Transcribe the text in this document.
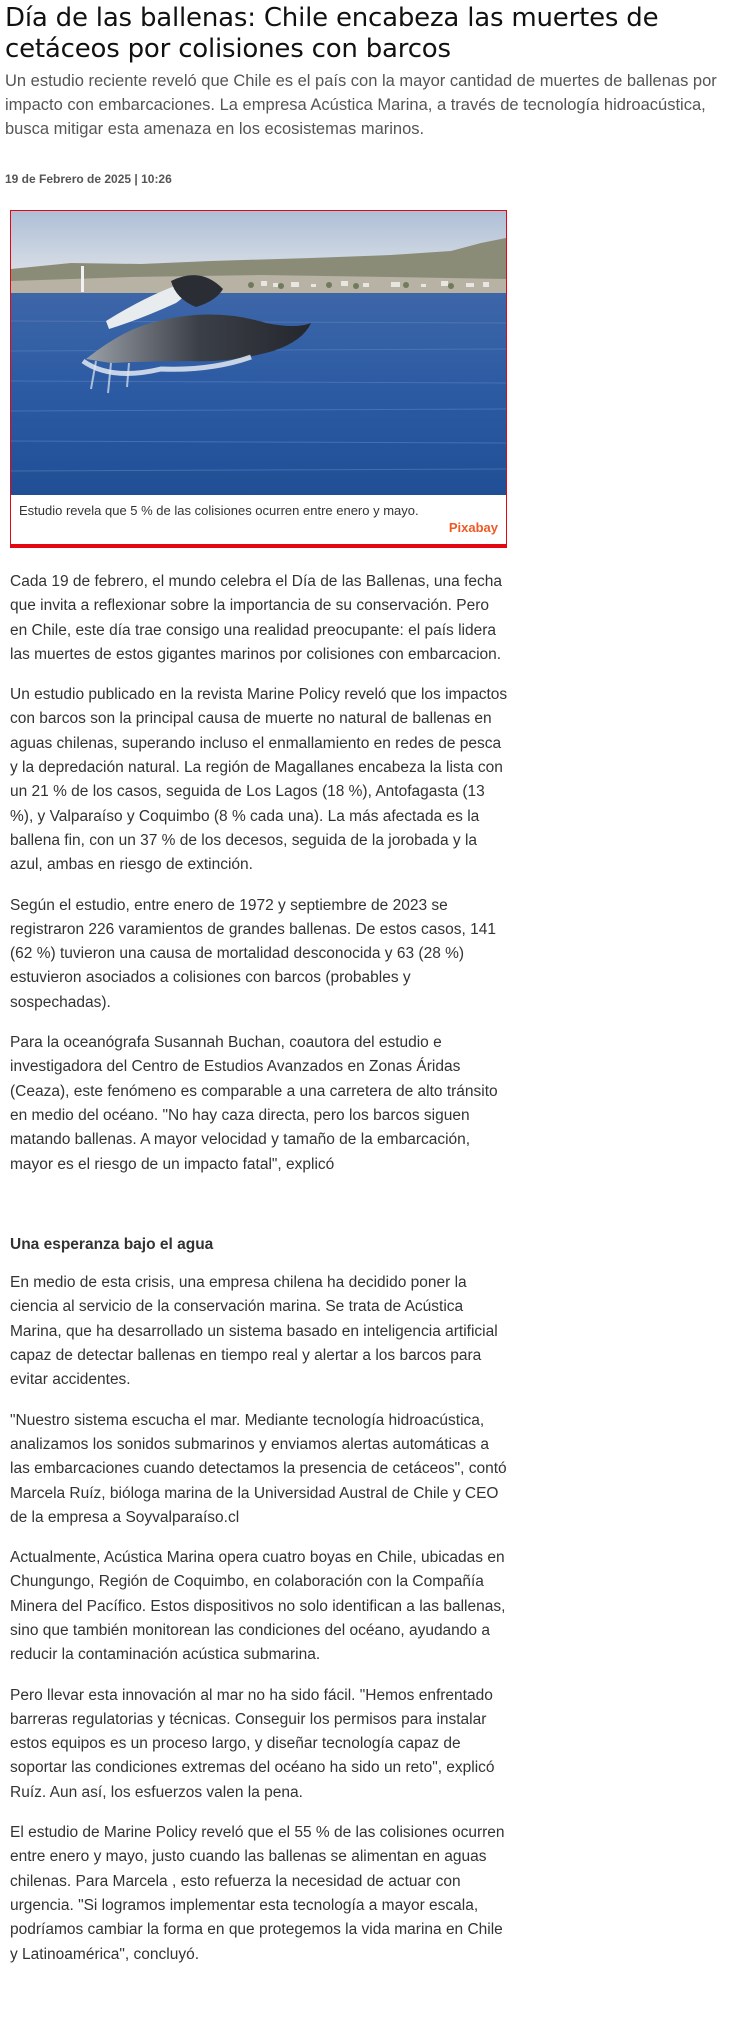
Día de las ballenas: Chile encabeza las muertes de cetáceos por colisiones con barcos

Un estudio reciente reveló que Chile es el país con la mayor cantidad de muertes de ballenas por impacto con embarcaciones. La empresa Acústica Marina, a través de tecnología hidroacústica, busca mitigar esta amenaza en los ecosistemas marinos.

19 de Febrero de 2025 | 10:26
Estudio revela que 5 % de las colisiones ocurren entre enero y mayo.
Pixabay

Cada 19 de febrero, el mundo celebra el Día de las Ballenas, una fecha que invita a reflexionar sobre la importancia de su conservación. Pero en Chile, este día trae consigo una realidad preocupante: el país lidera las muertes de estos gigantes marinos por colisiones con embarcacion.

Un estudio publicado en la revista Marine Policy reveló que los impactos con barcos son la principal causa de muerte no natural de ballenas en aguas chilenas, superando incluso el enmallamiento en redes de pesca y la depredación natural. La región de Magallanes encabeza la lista con un 21 % de los casos, seguida de Los Lagos (18 %), Antofagasta (13 %), y Valparaíso y Coquimbo (8 % cada una). La más afectada es la ballena fin, con un 37 % de los decesos, seguida de la jorobada y la azul, ambas en riesgo de extinción.

Según el estudio, entre enero de 1972 y septiembre de 2023 se registraron 226 varamientos de grandes ballenas. De estos casos, 141 (62 %) tuvieron una causa de mortalidad desconocida y 63 (28 %) estuvieron asociados a colisiones con barcos (probables y sospechadas).

Para la oceanógrafa Susannah Buchan, coautora del estudio e investigadora del Centro de Estudios Avanzados en Zonas Áridas (Ceaza), este fenómeno es comparable a una carretera de alto tránsito en medio del océano. "No hay caza directa, pero los barcos siguen matando ballenas. A mayor velocidad y tamaño de la embarcación, mayor es el riesgo de un impacto fatal", explicó

Una esperanza bajo el agua

En medio de esta crisis, una empresa chilena ha decidido poner la ciencia al servicio de la conservación marina. Se trata de Acústica Marina, que ha desarrollado un sistema basado en inteligencia artificial capaz de detectar ballenas en tiempo real y alertar a los barcos para evitar accidentes.

"Nuestro sistema escucha el mar. Mediante tecnología hidroacústica, analizamos los sonidos submarinos y enviamos alertas automáticas a las embarcaciones cuando detectamos la presencia de cetáceos", contó Marcela Ruíz, bióloga marina de la Universidad Austral de Chile y CEO de la empresa a Soyvalparaíso.cl

Actualmente, Acústica Marina opera cuatro boyas en Chile, ubicadas en Chungungo, Región de Coquimbo, en colaboración con la Compañía Minera del Pacífico. Estos dispositivos no solo identifican a las ballenas, sino que también monitorean las condiciones del océano, ayudando a reducir la contaminación acústica submarina.

Pero llevar esta innovación al mar no ha sido fácil. "Hemos enfrentado barreras regulatorias y técnicas. Conseguir los permisos para instalar estos equipos es un proceso largo, y diseñar tecnología capaz de soportar las condiciones extremas del océano ha sido un reto", explicó Ruíz. Aun así, los esfuerzos valen la pena.

El estudio de Marine Policy reveló que el 55 % de las colisiones ocurren entre enero y mayo, justo cuando las ballenas se alimentan en aguas chilenas. Para Marcela , esto refuerza la necesidad de actuar con urgencia. "Si logramos implementar esta tecnología a mayor escala, podríamos cambiar la forma en que protegemos la vida marina en Chile y Latinoamérica", concluyó.
